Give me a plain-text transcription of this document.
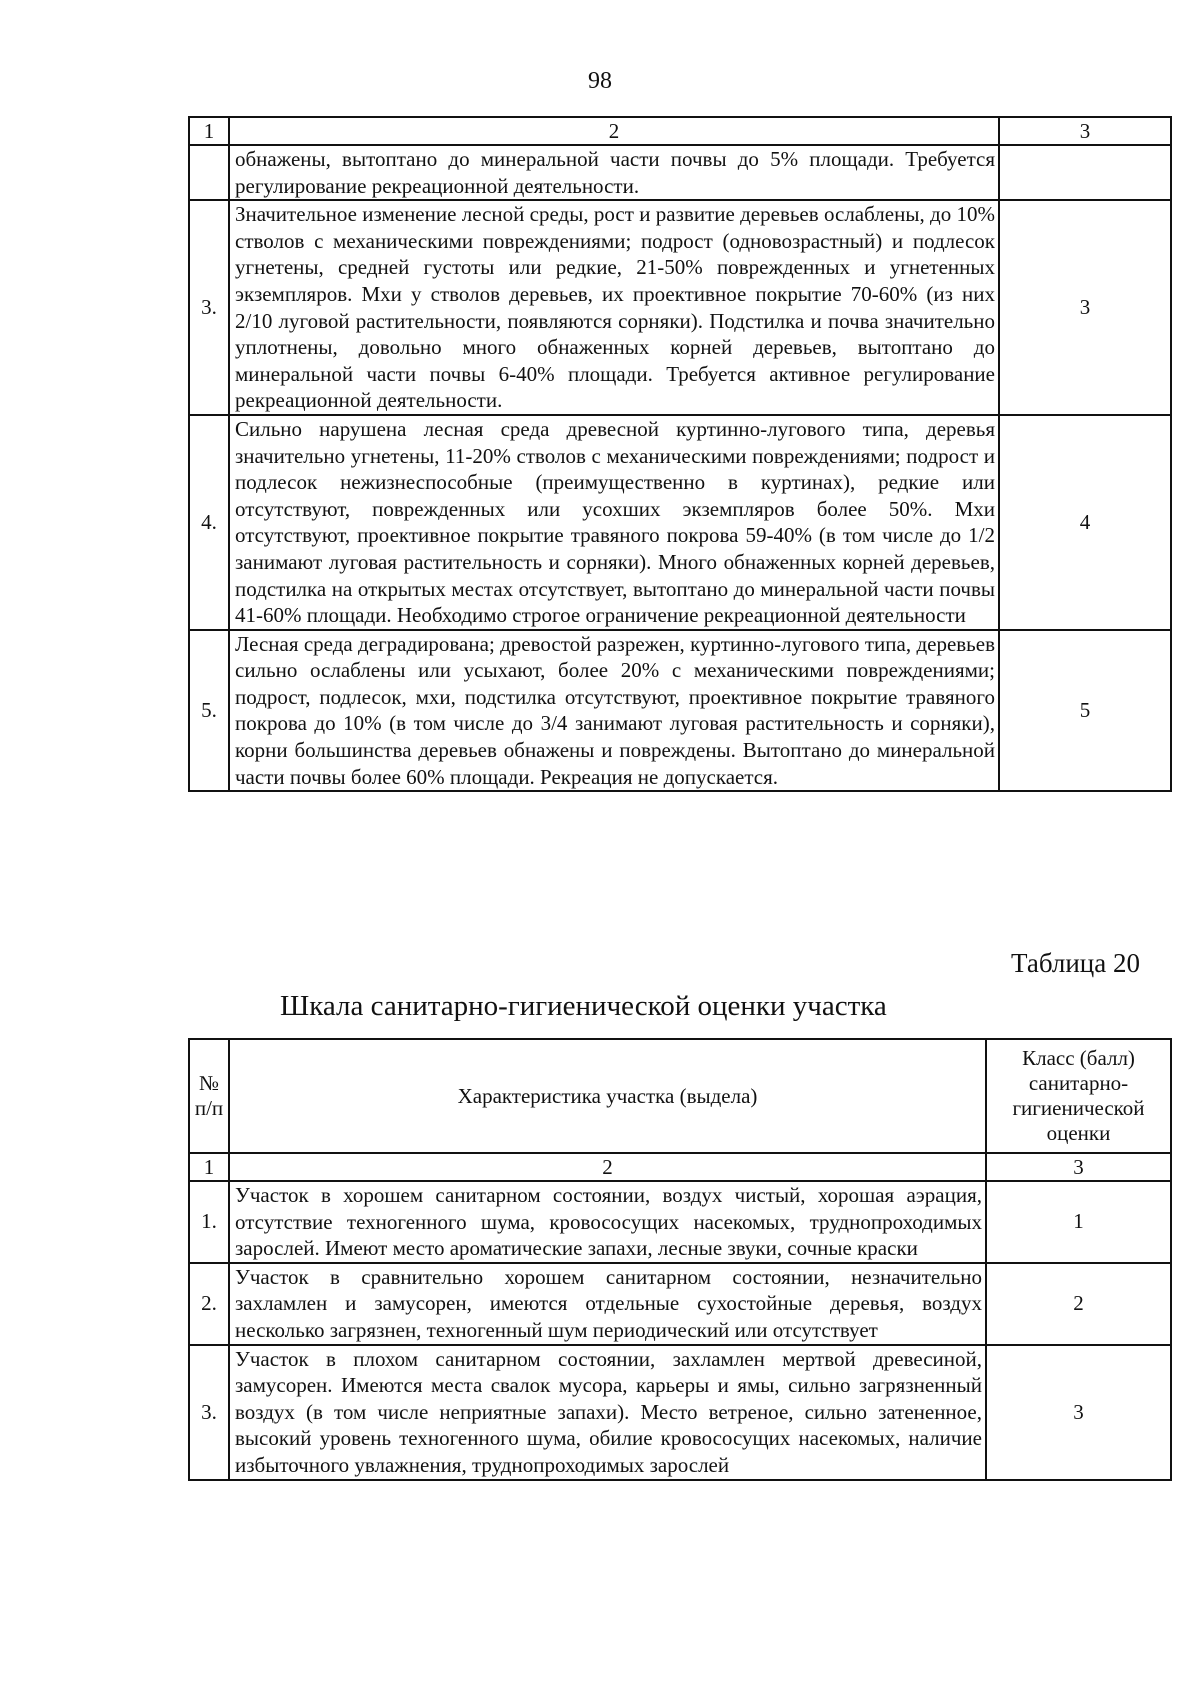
98
1	2	3
	обнажены, вытоптано до минеральной части почвы до 5% площади. Требуется регулирование рекреационной деятельности.	
3.	Значительное изменение лесной среды, рост и развитие деревьев ослаблены, до 10% стволов с механическими повреждениями; подрост (одновозрастный) и подлесок угнетены, средней густоты или редкие, 21-50% поврежденных и угнетенных экземпляров. Мхи у стволов деревьев, их проективное покрытие 70-60% (из них 2/10 луговой растительности, появляются сорняки). Подстилка и почва значительно уплотнены, довольно много обнаженных корней деревьев, вытоптано до минеральной части почвы 6-40% площади. Требуется активное регулирование рекреационной деятельности.	3
4.	Сильно нарушена лесная среда древесной куртинно-лугового типа, деревья значительно угнетены, 11-20% стволов с механическими повреждениями; подрост и подлесок нежизнеспособные (преимущественно в куртинах), редкие или отсутствуют, поврежденных или усохших экземпляров более 50%. Мхи отсутствуют, проективное покрытие травяного покрова 59-40% (в том числе до 1/2 занимают луговая растительность и сорняки). Много обнаженных корней деревьев, подстилка на открытых местах отсутствует, вытоптано до минеральной части почвы 41-60% площади. Необходимо строгое ограничение рекреационной деятельности	4
5.	Лесная среда деградирована; древостой разрежен, куртинно-лугового типа, деревьев сильно ослаблены или усыхают, более 20% с механическими повреждениями; подрост, подлесок, мхи, подстилка отсутствуют, проективное покрытие травяного покрова до 10% (в том числе до 3/4 занимают луговая растительность и сорняки), корни большинства деревьев обнажены и повреждены. Вытоптано до минеральной части почвы более 60% площади. Рекреация не допускается.	5
Таблица 20
Шкала санитарно-гигиенической оценки участка
№ п/п	Характеристика участка (выдела)	Класс (балл) санитарно-гигиенической оценки
1	2	3
1.	Участок в хорошем санитарном состоянии, воздух чистый, хорошая аэрация, отсутствие техногенного шума, кровососущих насекомых, труднопроходимых зарослей. Имеют место ароматические запахи, лесные звуки, сочные краски	1
2.	Участок в сравнительно хорошем санитарном состоянии, незначительно захламлен и замусорен, имеются отдельные сухостойные деревья, воздух несколько загрязнен, техногенный шум периодический или отсутствует	2
3.	Участок в плохом санитарном состоянии, захламлен мертвой древесиной, замусорен. Имеются места свалок мусора, карьеры и ямы, сильно загрязненный воздух (в том числе неприятные запахи). Место ветреное, сильно затененное, высокий уровень техногенного шума, обилие кровососущих насекомых, наличие избыточного увлажнения, труднопроходимых зарослей	3
